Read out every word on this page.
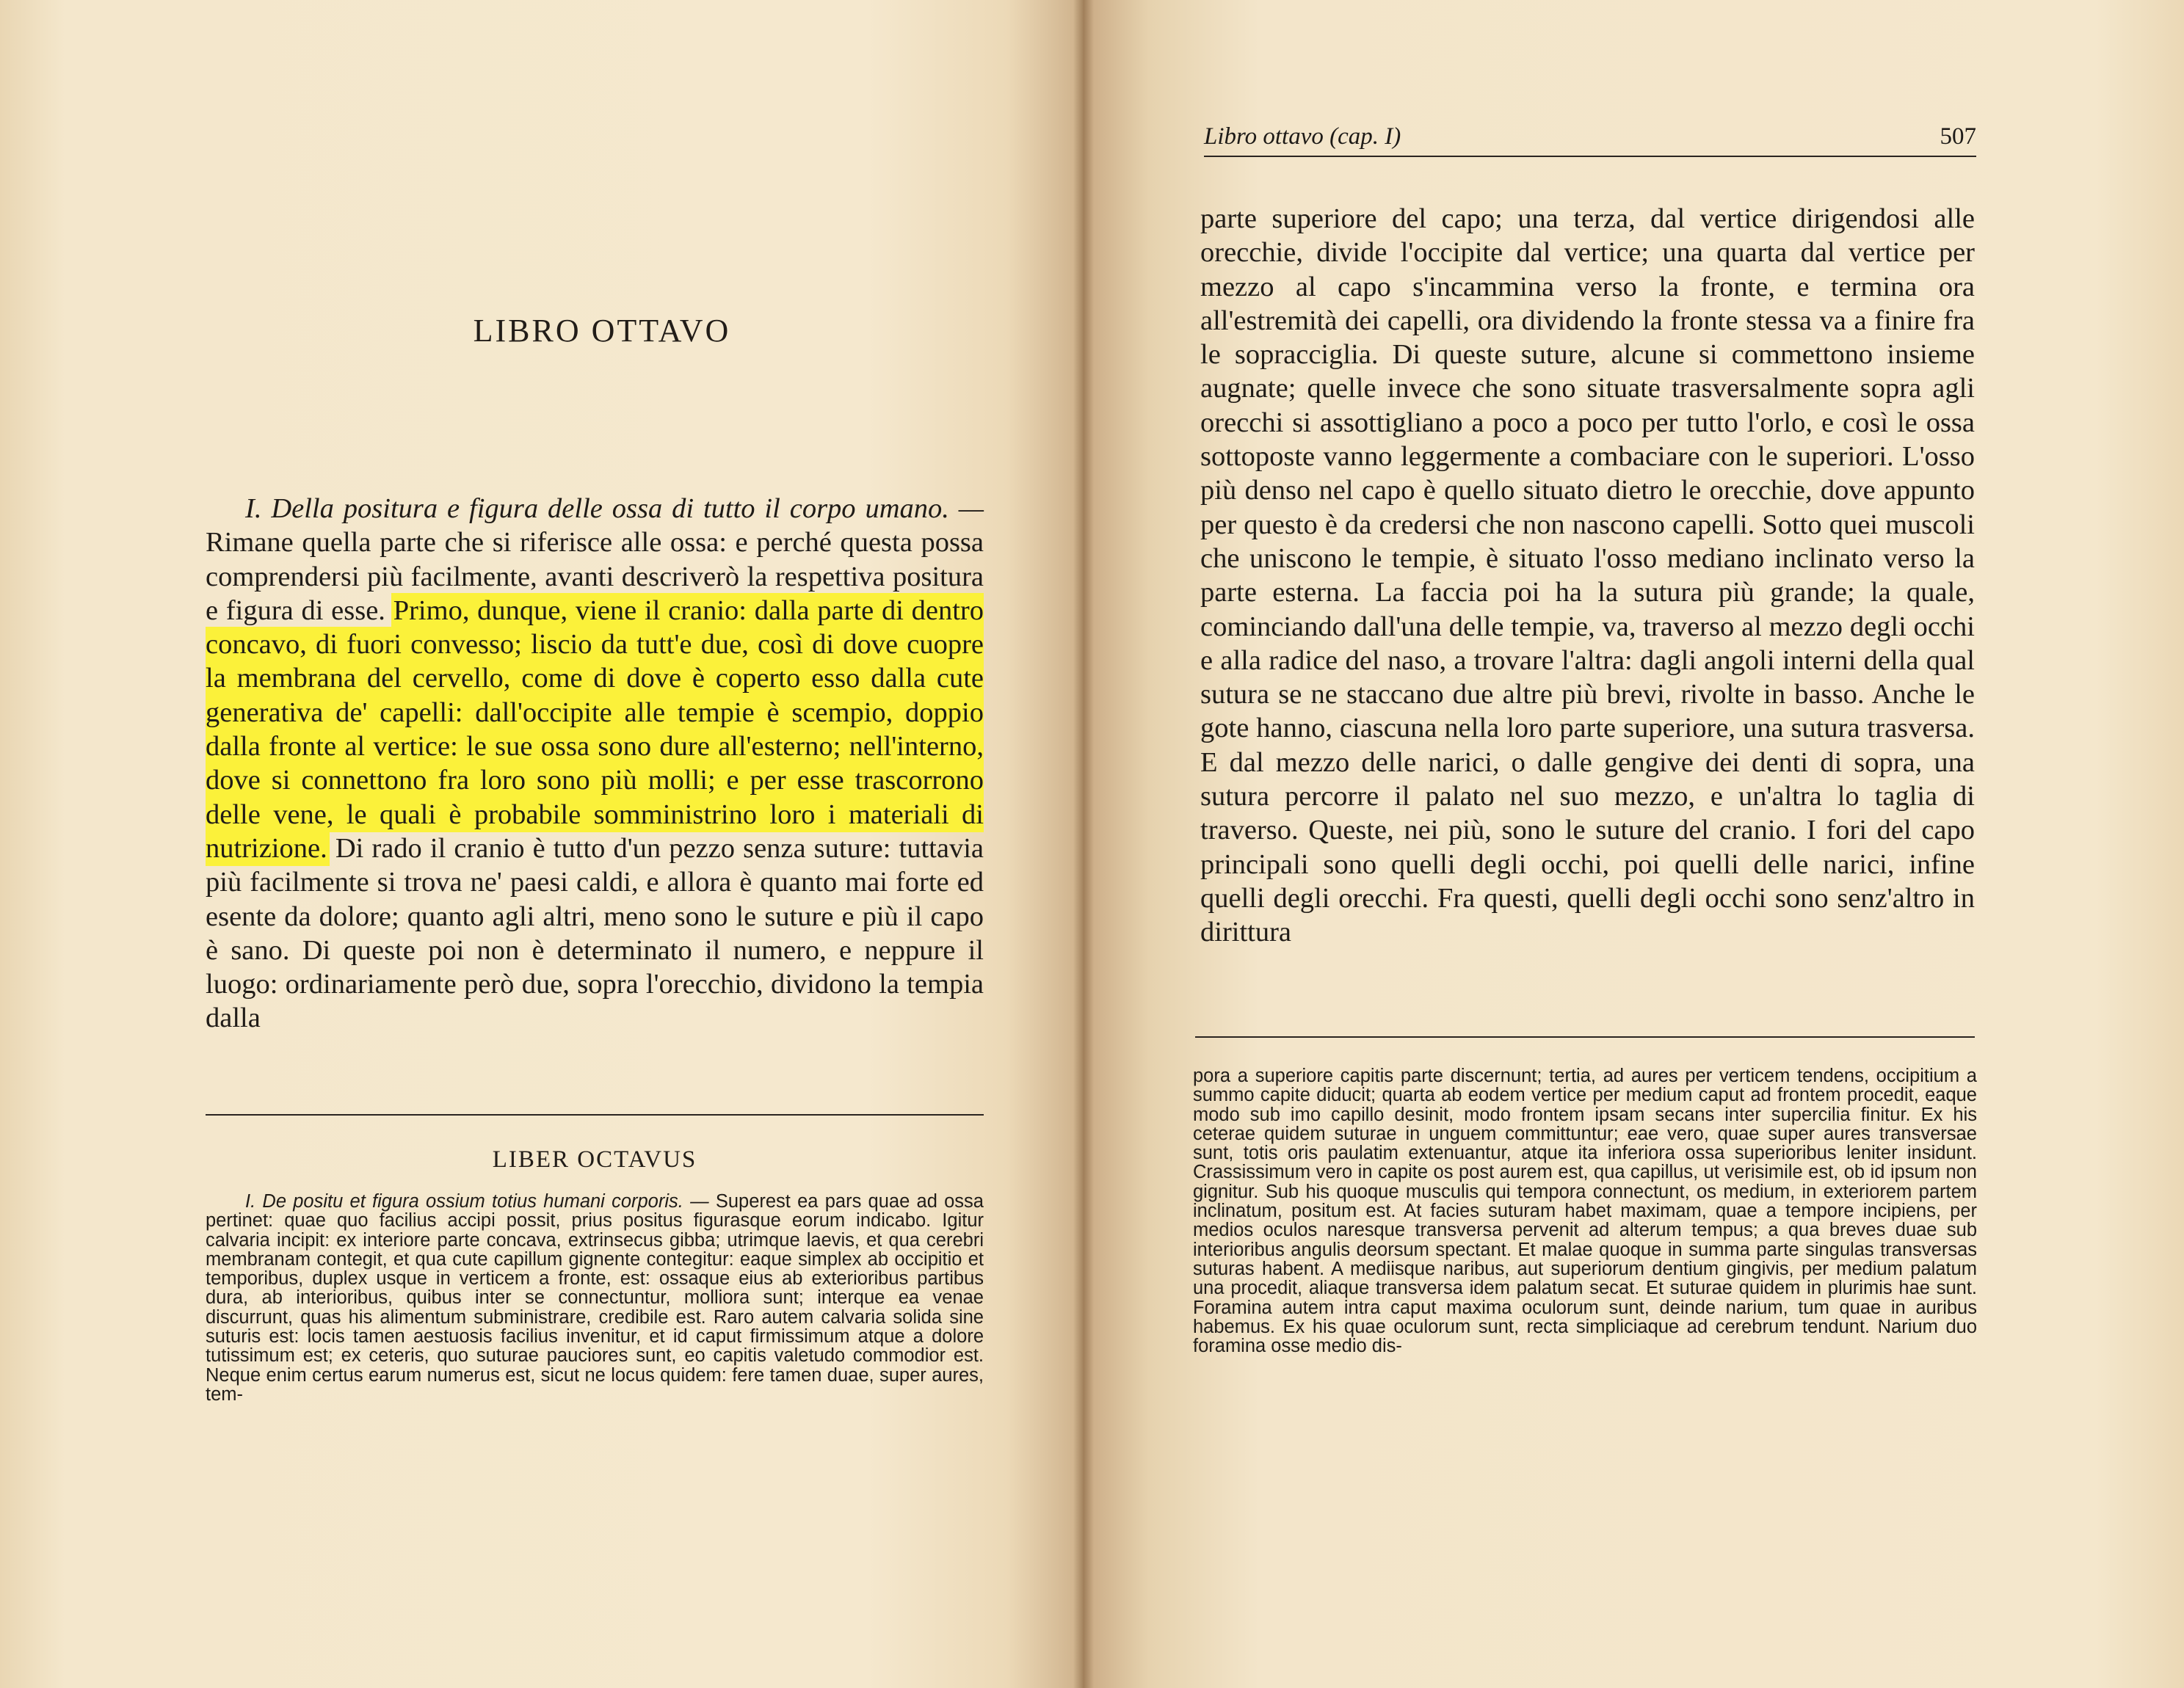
LIBRO OTTAVO

I. Della positura e figura delle ossa di tutto il corpo umano. — Rimane quella parte che si riferisce alle ossa: e perché questa possa comprendersi più facilmente, avanti descriverò la respettiva positura e figura di esse. Primo, dunque, viene il cranio: dalla parte di dentro concavo, di fuori convesso; liscio da tutt'e due, così di dove cuopre la membrana del cervello, come di dove è coperto esso dalla cute generativa de' capelli: dall'occipite alle tempie è scempio, doppio dalla fronte al vertice: le sue ossa sono dure all'esterno; nell'interno, dove si connettono fra loro sono più molli; e per esse trascorrono delle vene, le quali è probabile somministrino loro i materiali di nutrizione. Di rado il cranio è tutto d'un pezzo senza suture: tuttavia più facilmente si trova ne' paesi caldi, e allora è quanto mai forte ed esente da dolore; quanto agli altri, meno sono le suture e più il capo è sano. Di queste poi non è determinato il numero, e neppure il luogo: ordinariamente però due, sopra l'orecchio, dividono la tempia dalla

LIBER OCTAVUS

I. De positu et figura ossium totius humani corporis. — Superest ea pars quae ad ossa pertinet: quae quo facilius accipi possit, prius positus figurasque eorum indicabo. Igitur calvaria incipit: ex interiore parte concava, extrinsecus gibba; utrimque laevis, et qua cerebri membranam contegit, et qua cute capillum gignente contegitur: eaque simplex ab occipitio et temporibus, duplex usque in verticem a fronte, est: ossaque eius ab exterioribus partibus dura, ab interioribus, quibus inter se connectuntur, molliora sunt; interque ea venae discurrunt, quas his alimentum subministrare, credibile est. Raro autem calvaria solida sine suturis est: locis tamen aestuosis facilius invenitur, et id caput firmissimum atque a dolore tutissimum est; ex ceteris, quo suturae pauciores sunt, eo capitis valetudo commodior est. Neque enim certus earum numerus est, sicut ne locus quidem: fere tamen duae, super aures, tem-

Libro ottavo (cap. I)	507

parte superiore del capo; una terza, dal vertice dirigendosi alle orecchie, divide l'occipite dal vertice; una quarta dal vertice per mezzo al capo s'incammina verso la fronte, e termina ora all'estremità dei capelli, ora dividendo la fronte stessa va a finire fra le sopracciglia. Di queste suture, alcune si commettono insieme augnate; quelle invece che sono situate trasversalmente sopra agli orecchi si assottigliano a poco a poco per tutto l'orlo, e così le ossa sottoposte vanno leggermente a combaciare con le superiori. L'osso più denso nel capo è quello situato dietro le orecchie, dove appunto per questo è da credersi che non nascono capelli. Sotto quei muscoli che uniscono le tempie, è situato l'osso mediano inclinato verso la parte esterna. La faccia poi ha la sutura più grande; la quale, cominciando dall'una delle tempie, va, traverso al mezzo degli occhi e alla radice del naso, a trovare l'altra: dagli angoli interni della qual sutura se ne staccano due altre più brevi, rivolte in basso. Anche le gote hanno, ciascuna nella loro parte superiore, una sutura trasversa. E dal mezzo delle narici, o dalle gengive dei denti di sopra, una sutura percorre il palato nel suo mezzo, e un'altra lo taglia di traverso. Queste, nei più, sono le suture del cranio. I fori del capo principali sono quelli degli occhi, poi quelli delle narici, infine quelli degli orecchi. Fra questi, quelli degli occhi sono senz'altro in dirittura

pora a superiore capitis parte discernunt; tertia, ad aures per verticem tendens, occipitium a summo capite diducit; quarta ab eodem vertice per medium caput ad frontem procedit, eaque modo sub imo capillo desinit, modo frontem ipsam secans inter supercilia finitur. Ex his ceterae quidem suturae in unguem committuntur; eae vero, quae super aures transversae sunt, totis oris paulatim extenuantur, atque ita inferiora ossa superioribus leniter insidunt. Crassissimum vero in capite os post aurem est, qua capillus, ut verisimile est, ob id ipsum non gignitur. Sub his quoque musculis qui tempora connectunt, os medium, in exteriorem partem inclinatum, positum est. At facies suturam habet maximam, quae a tempore incipiens, per medios oculos naresque transversa pervenit ad alterum tempus; a qua breves duae sub interioribus angulis deorsum spectant. Et malae quoque in summa parte singulas transversas suturas habent. A mediisque naribus, aut superiorum dentium gingivis, per medium palatum una procedit, aliaque transversa idem palatum secat. Et suturae quidem in plurimis hae sunt. Foramina autem intra caput maxima oculorum sunt, deinde narium, tum quae in auribus habemus. Ex his quae oculorum sunt, recta simpliciaque ad cerebrum tendunt. Narium duo foramina osse medio dis-
